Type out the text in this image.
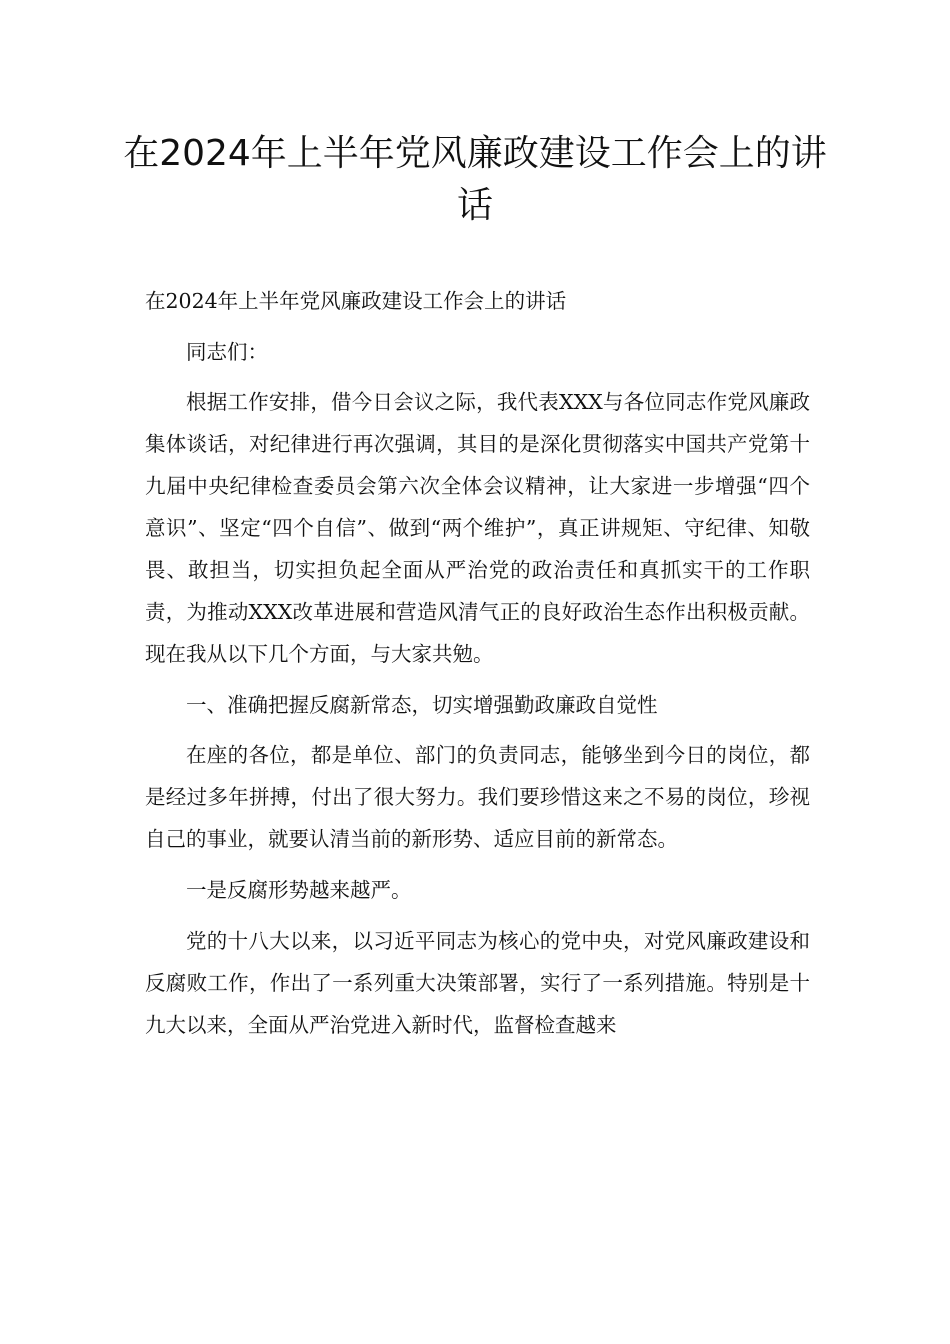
在2024年上半年党风廉政建设工作会上的讲话

在2024年上半年党风廉政建设工作会上的讲话

同志们：

根据工作安排，借今日会议之际，我代表XXX与各位同志作党风廉政集体谈话，对纪律进行再次强调，其目的是深化贯彻落实中国共产党第十九届中央纪律检查委员会第六次全体会议精神，让大家进一步增强“四个意识”、坚定“四个自信”、做到“两个维护”，真正讲规矩、守纪律、知敬畏、敢担当，切实担负起全面从严治党的政治责任和真抓实干的工作职责，为推动XXX改革进展和营造风清气正的良好政治生态作出积极贡献。现在我从以下几个方面，与大家共勉。

一、准确把握反腐新常态，切实增强勤政廉政自觉性

在座的各位，都是单位、部门的负责同志，能够坐到今日的岗位，都是经过多年拼搏，付出了很大努力。我们要珍惜这来之不易的岗位，珍视自己的事业，就要认清当前的新形势、适应目前的新常态。

一是反腐形势越来越严。

党的十八大以来，以习近平同志为核心的党中央，对党风廉政建设和反腐败工作，作出了一系列重大决策部署，实行了一系列措施。特别是十九大以来，全面从严治党进入新时代，监督检查越来
